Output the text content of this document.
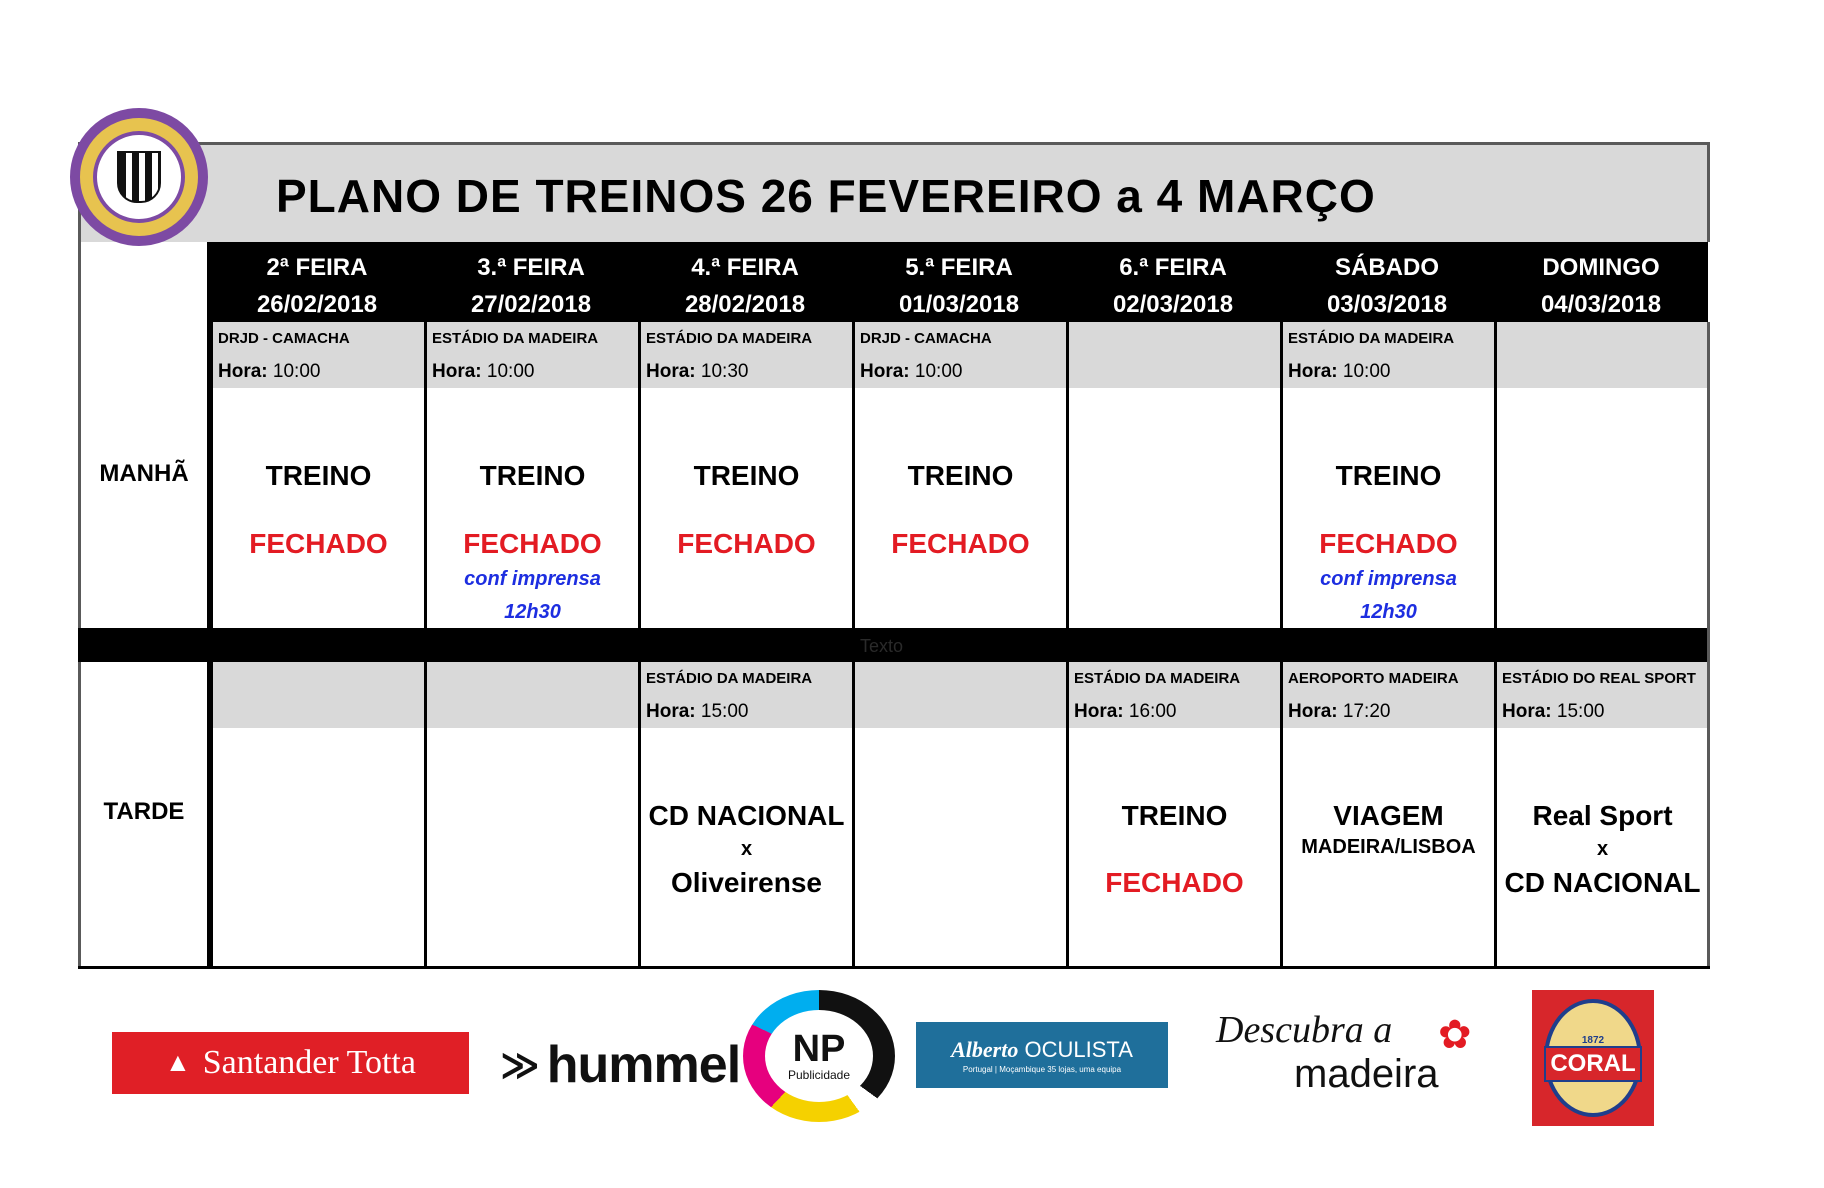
PLANO DE TREINOS 26 FEVEREIRO a 4 MARÇO
2ª FEIRA
26/02/2018
3.ª FEIRA
27/02/2018
4.ª FEIRA
28/02/2018
5.ª FEIRA
01/03/2018
6.ª FEIRA
02/03/2018
SÁBADO
03/03/2018
DOMINGO
04/03/2018
MANHÃ
DRJD - CAMACHA
Hora: 10:00
TREINO
FECHADO
ESTÁDIO DA MADEIRA
Hora: 10:00
TREINO
FECHADO
conf imprensa
12h30
ESTÁDIO DA MADEIRA
Hora: 10:30
TREINO
FECHADO
DRJD - CAMACHA
Hora: 10:00
TREINO
FECHADO
ESTÁDIO DA MADEIRA
Hora: 10:00
TREINO
FECHADO
conf imprensa
12h30
Texto
TARDE
ESTÁDIO DA MADEIRA
Hora: 15:00
CD NACIONAL
x
Oliveirense
ESTÁDIO DA MADEIRA
Hora: 16:00
TREINO
FECHADO
AEROPORTO MADEIRA
Hora: 17:20
VIAGEM
MADEIRA/LISBOA
ESTÁDIO DO REAL SPORT
Hora: 15:00
Real Sport
x
CD NACIONAL
▲ Santander Totta ≫ hummel NP
Publicidade
Alberto OCULISTA
Portugal | Moçambique 35 lojas, uma equipa
Descubra a ✿
madeira
1872
CORAL
